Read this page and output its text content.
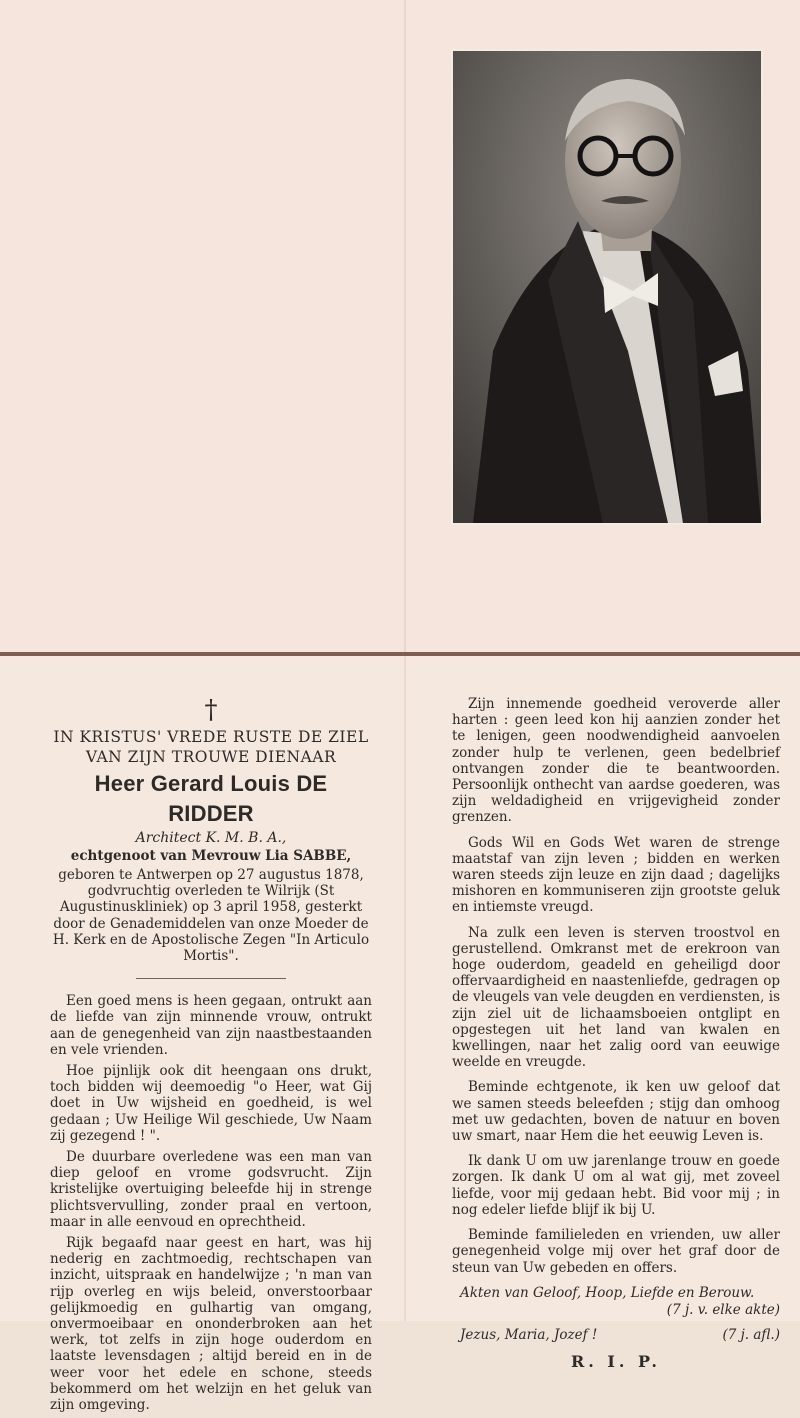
†
IN KRISTUS' VREDE RUSTE DE ZIEL
VAN ZIJN TROUWE DIENAAR
Heer Gerard Louis DE RIDDER
Architect K. M. B. A.,
echtgenoot van Mevrouw Lia SABBE,
geboren te Antwerpen op 27 augustus 1878, godvruchtig overleden te Wilrijk (St Augustinuskliniek) op 3 april 1958, gesterkt door de Genademiddelen van onze Moeder de H. Kerk en de Apostolische Zegen "In Articulo Mortis".

Een goed mens is heen gegaan, ontrukt aan de liefde van zijn minnende vrouw, ontrukt aan de genegenheid van zijn naastbestaanden en vele vrienden.

Hoe pijnlijk ook dit heengaan ons drukt, toch bidden wij deemoedig "o Heer, wat Gij doet in Uw wijsheid en goedheid, is wel gedaan ; Uw Heilige Wil geschiede, Uw Naam zij gezegend ! ".

De duurbare overledene was een man van diep geloof en vrome godsvrucht. Zijn kristelijke overtuiging beleefde hij in strenge plichtsvervulling, zonder praal en vertoon, maar in alle eenvoud en oprechtheid.

Rijk begaafd naar geest en hart, was hij nederig en zachtmoedig, rechtschapen van inzicht, uitspraak en handelwijze ; 'n man van rijp overleg en wijs beleid, onverstoorbaar gelijkmoedig en gulhartig van omgang, onvermoeibaar en ononderbroken aan het werk, tot zelfs in zijn hoge ouderdom en laatste levensdagen ; altijd bereid en in de weer voor het edele en schone, steeds bekommerd om het welzijn en het geluk van zijn omgeving.

Zijn innemende goedheid veroverde aller harten : geen leed kon hij aanzien zonder het te lenigen, geen noodwendigheid aanvoelen zonder hulp te verlenen, geen bedelbrief ontvangen zonder die te beantwoorden. Persoonlijk onthecht van aardse goederen, was zijn weldadigheid en vrijgevigheid zonder grenzen.

Gods Wil en Gods Wet waren de strenge maatstaf van zijn leven ; bidden en werken waren steeds zijn leuze en zijn daad ; dagelijks mishoren en kommuniseren zijn grootste geluk en intiemste vreugd.

Na zulk een leven is sterven troostvol en gerustellend. Omkranst met de erekroon van hoge ouderdom, geadeld en geheiligd door offervaardigheid en naastenliefde, gedragen op de vleugels van vele deugden en verdiensten, is zijn ziel uit de lichaamsboeien ontglipt en opgestegen uit het land van kwalen en kwellingen, naar het zalig oord van eeuwige weelde en vreugde.

Beminde echtgenote, ik ken uw geloof dat we samen steeds beleefden ; stijg dan omhoog met uw gedachten, boven de natuur en boven uw smart, naar Hem die het eeuwig Leven is.

Ik dank U om uw jarenlange trouw en goede zorgen. Ik dank U om al wat gij, met zoveel liefde, voor mij gedaan hebt. Bid voor mij ; in nog edeler liefde blijf ik bij U.

Beminde familieleden en vrienden, uw aller genegenheid volge mij over het graf door de steun van Uw gebeden en offers.

Akten van Geloof, Hoop, Liefde en Berouw.
(7 j. v. elke akte)
Jezus, Maria, Jozef !	(7 j. afl.)
R. I. P.
